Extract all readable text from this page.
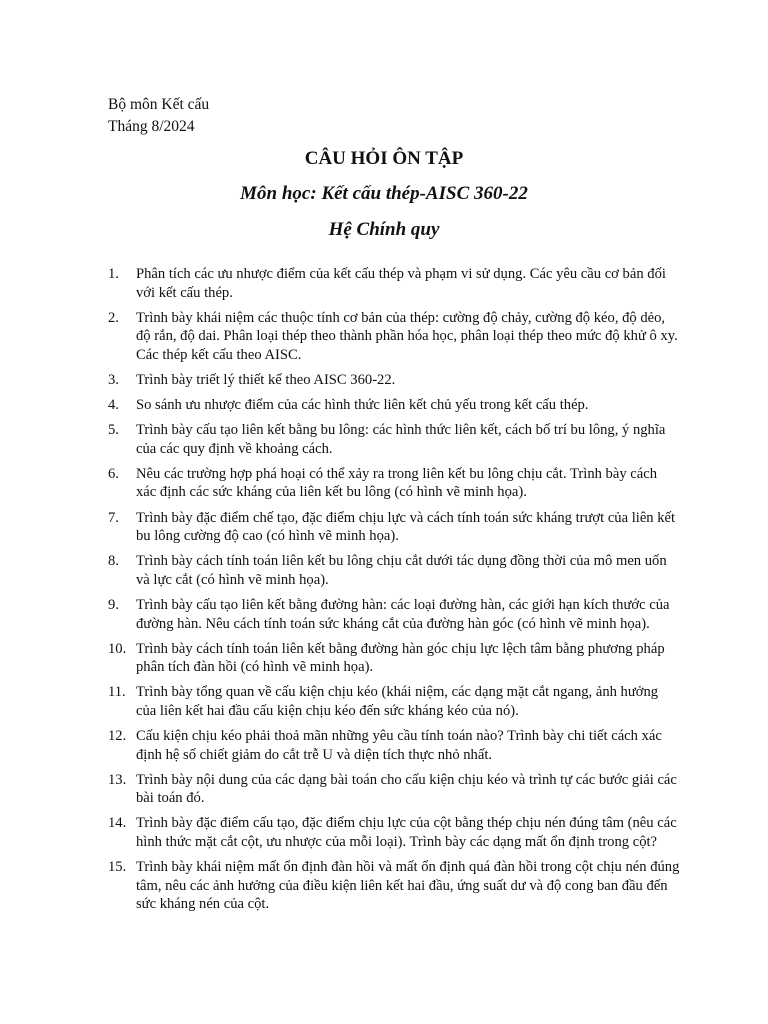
Bộ môn Kết cấu
Tháng 8/2024
CÂU HỎI ÔN TẬP
Môn học: Kết cấu thép-AISC 360-22
Hệ Chính quy
1.	Phân tích các ưu nhược điểm của kết cấu thép và phạm vi sử dụng. Các yêu cầu cơ bản đối với kết cấu thép.
2.	Trình bày khái niệm các thuộc tính cơ bản của thép: cường độ chảy, cường độ kéo, độ dẻo, độ rắn, độ dai. Phân loại thép theo thành phần hóa học, phân loại thép theo mức độ khử ô xy. Các thép kết cấu theo AISC.
3.	Trình bày triết lý thiết kế theo AISC 360-22.
4.	So sánh ưu nhược điểm của các hình thức liên kết chủ yếu trong kết cấu thép.
5.	Trình bày cấu tạo liên kết bằng bu lông: các hình thức liên kết, cách bố trí bu lông, ý nghĩa của các quy định về khoảng cách.
6.	Nêu các trường hợp phá hoại có thể xảy ra trong liên kết bu lông chịu cắt. Trình bày cách xác định các sức kháng của liên kết bu lông (có hình vẽ minh họa).
7.	Trình bày đặc điểm chế tạo, đặc điểm chịu lực và cách tính toán sức kháng trượt của liên kết bu lông cường độ cao (có hình vẽ minh họa).
8.	Trình bày cách tính toán liên kết bu lông chịu cắt dưới tác dụng đồng thời của mô men uốn và lực cắt (có hình vẽ minh họa).
9.	Trình bày cấu tạo liên kết bằng đường hàn: các loại đường hàn, các giới hạn kích thước của đường hàn. Nêu cách tính toán sức kháng cắt của đường hàn góc (có hình vẽ minh họa).
10. Trình bày cách tính toán liên kết bằng đường hàn góc chịu lực lệch tâm bằng phương pháp phân tích đàn hồi (có hình vẽ minh họa).
11. Trình bày tổng quan về cấu kiện chịu kéo (khái niệm, các dạng mặt cắt ngang, ảnh hưởng của liên kết hai đầu cấu kiện chịu kéo đến sức kháng kéo của nó).
12. Cấu kiện chịu kéo phải thoả mãn những yêu cầu tính toán nào? Trình bày chi tiết cách xác định hệ số chiết giảm do cắt trễ U và diện tích thực nhỏ nhất.
13. Trình bày nội dung của các dạng bài toán cho cấu kiện chịu kéo và trình tự các bước giải các bài toán đó.
14. Trình bày đặc điểm cấu tạo, đặc điểm chịu lực của cột bằng thép chịu nén đúng tâm (nêu các hình thức mặt cắt cột, ưu nhược của mỗi loại). Trình bày các dạng mất ổn định trong cột?
15. Trình bày khái niệm mất ổn định đàn hồi và mất ổn định quá đàn hồi trong cột chịu nén đúng tâm, nêu các ảnh hưởng của điều kiện liên kết hai đầu, ứng suất dư và độ cong ban đầu đến sức kháng nén của cột.
